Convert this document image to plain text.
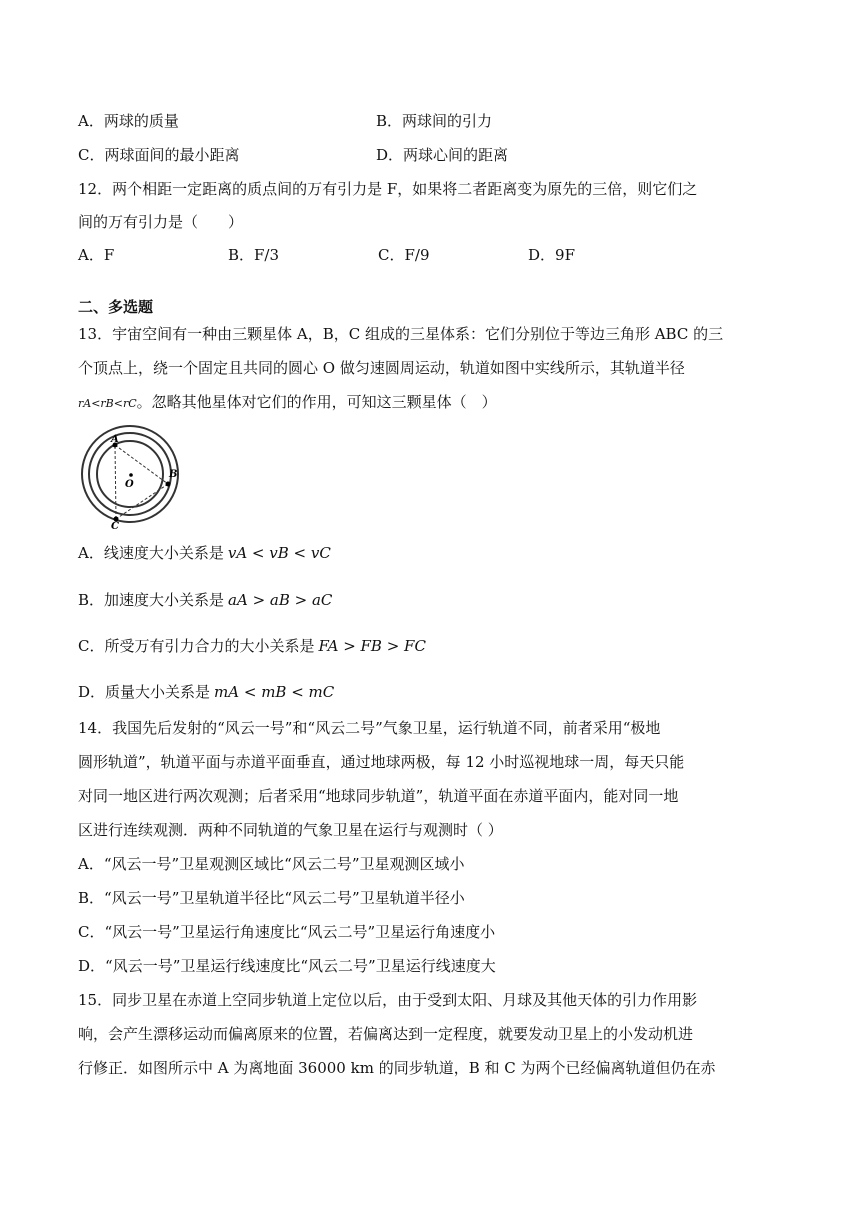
A．两球的质量	B．两球间的引力
C．两球面间的最小距离	D．两球心间的距离
12．两个相距一定距离的质点间的万有引力是 F，如果将二者距离变为原先的三倍，则它们之
间的万有引力是（　　）
A．F	B．F/3	C．F/9	D．9F
二、多选题
13．宇宙空间有一种由三颗星体 A，B，C 组成的三星体系：它们分别位于等边三角形 ABC 的三
个顶点上，绕一个固定且共同的圆心 O 做匀速圆周运动，轨道如图中实线所示，其轨道半径
rA<rB<rC。忽略其他星体对它们的作用，可知这三颗星体（　）
A
B
C
O
A．线速度大小关系是 vA < vB < vC
B．加速度大小关系是 aA > aB > aC
C．所受万有引力合力的大小关系是 FA > FB > FC
D．质量大小关系是 mA < mB < mC
14．我国先后发射的“风云一号”和“风云二号”气象卫星，运行轨道不同，前者采用“极地
圆形轨道”，轨道平面与赤道平面垂直，通过地球两极，每 12 小时巡视地球一周，每天只能
对同一地区进行两次观测；后者采用“地球同步轨道”，轨道平面在赤道平面内，能对同一地
区进行连续观测．两种不同轨道的气象卫星在运行与观测时（ ）
A．“风云一号”卫星观测区域比“风云二号”卫星观测区域小
B．“风云一号”卫星轨道半径比“风云二号”卫星轨道半径小
C．“风云一号”卫星运行角速度比“风云二号”卫星运行角速度小
D．“风云一号”卫星运行线速度比“风云二号”卫星运行线速度大
15．同步卫星在赤道上空同步轨道上定位以后，由于受到太阳、月球及其他天体的引力作用影
响，会产生漂移运动而偏离原来的位置，若偏离达到一定程度，就要发动卫星上的小发动机进
行修正．如图所示中 A 为离地面 36000 km 的同步轨道，B 和 C 为两个已经偏离轨道但仍在赤
